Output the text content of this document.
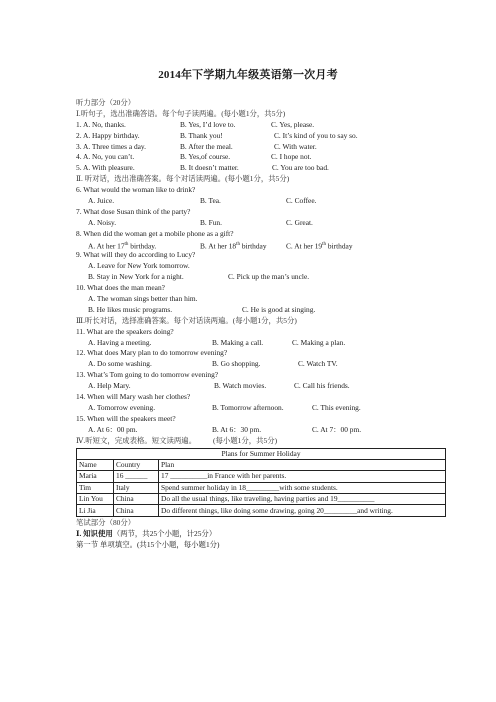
2014年下学期九年级英语第一次月考
听力部分（20分）
Ⅰ.听句子，选出准确答语。每个句子读两遍。(每小题1分，共5分)
1. A. No, thanks.	B. Yes, I’d love to.	C. Yes, please.
2. A. Happy birthday.	B. Thank you!	C. It’s kind of you to say so.
3. A. Three times a day.	B. After the meal.	C. With water.
4. A. No, you can’t.	B. Yes,of course.	C. I hope not.
5. A. With pleasure.	B. It doesn’t matter.	C. You are too bad.
Ⅱ. 听对话，选出准确答案。每个对话读两遍。(每小题1分，共5分)
6. What would the woman like to drink?
A. Juice.	B. Tea.	C. Coffee.
7. What dose Susan think of the party?
A. Noisy.	B. Fun.	C. Great.
8. When did the woman get a mobile phone as a gift?
A. At her 17th birthday.	B. At her 18th birthday	C. At her 19th birthday
9. What will they do according to Lucy?
A. Leave for New York tomorrow.
B. Stay in New York for a night.	C. Pick up the man’s uncle.
10. What does the man mean?
A. The woman sings better than him.
B. He likes music programs.	C. He is good at singing.
Ⅲ.听长对话，选择准确答案。每个对话读两遍。(每小题1分，共5分)
11. What are the speakers doing?
A. Having a meeting.	B. Making a call.	C. Making a plan.
12. What does Mary plan to do tomorrow evening?
A. Do some washing.	B. Go shopping.	C. Watch TV.
13. What’s Tom going to do tomorrow evening?
A. Help Mary.	B. Watch movies.	C. Call his friends.
14. When will Mary wash her clothes?
A. Tomorrow evening.	B. Tomorrow afternoon.	C. This evening.
15. When will the speakers meet?
A. At 6：00 pm.	B. At 6：30 pm.	C. At 7：00 pm.
Ⅳ.听短文，完成表格。短文读两遍。 (每小题1分，共5分)
Plans for Summer Holiday		
Name	Country	Plan
Maria	16 ______	17 __________in France with her parents.
Tim	Italy	Spend summer holiday in 18_________with some students.
Lin You	China	Do all the usual things, like traveling, having parties and 19__________
Li Jia	China	Do different things, like doing some drawing, going 20_________and writing.
笔试部分（80分）
Ⅰ. 知识使用（两节，共25个小题，计25分）
第一节 单项填空。(共15个小题，每小题1分)
